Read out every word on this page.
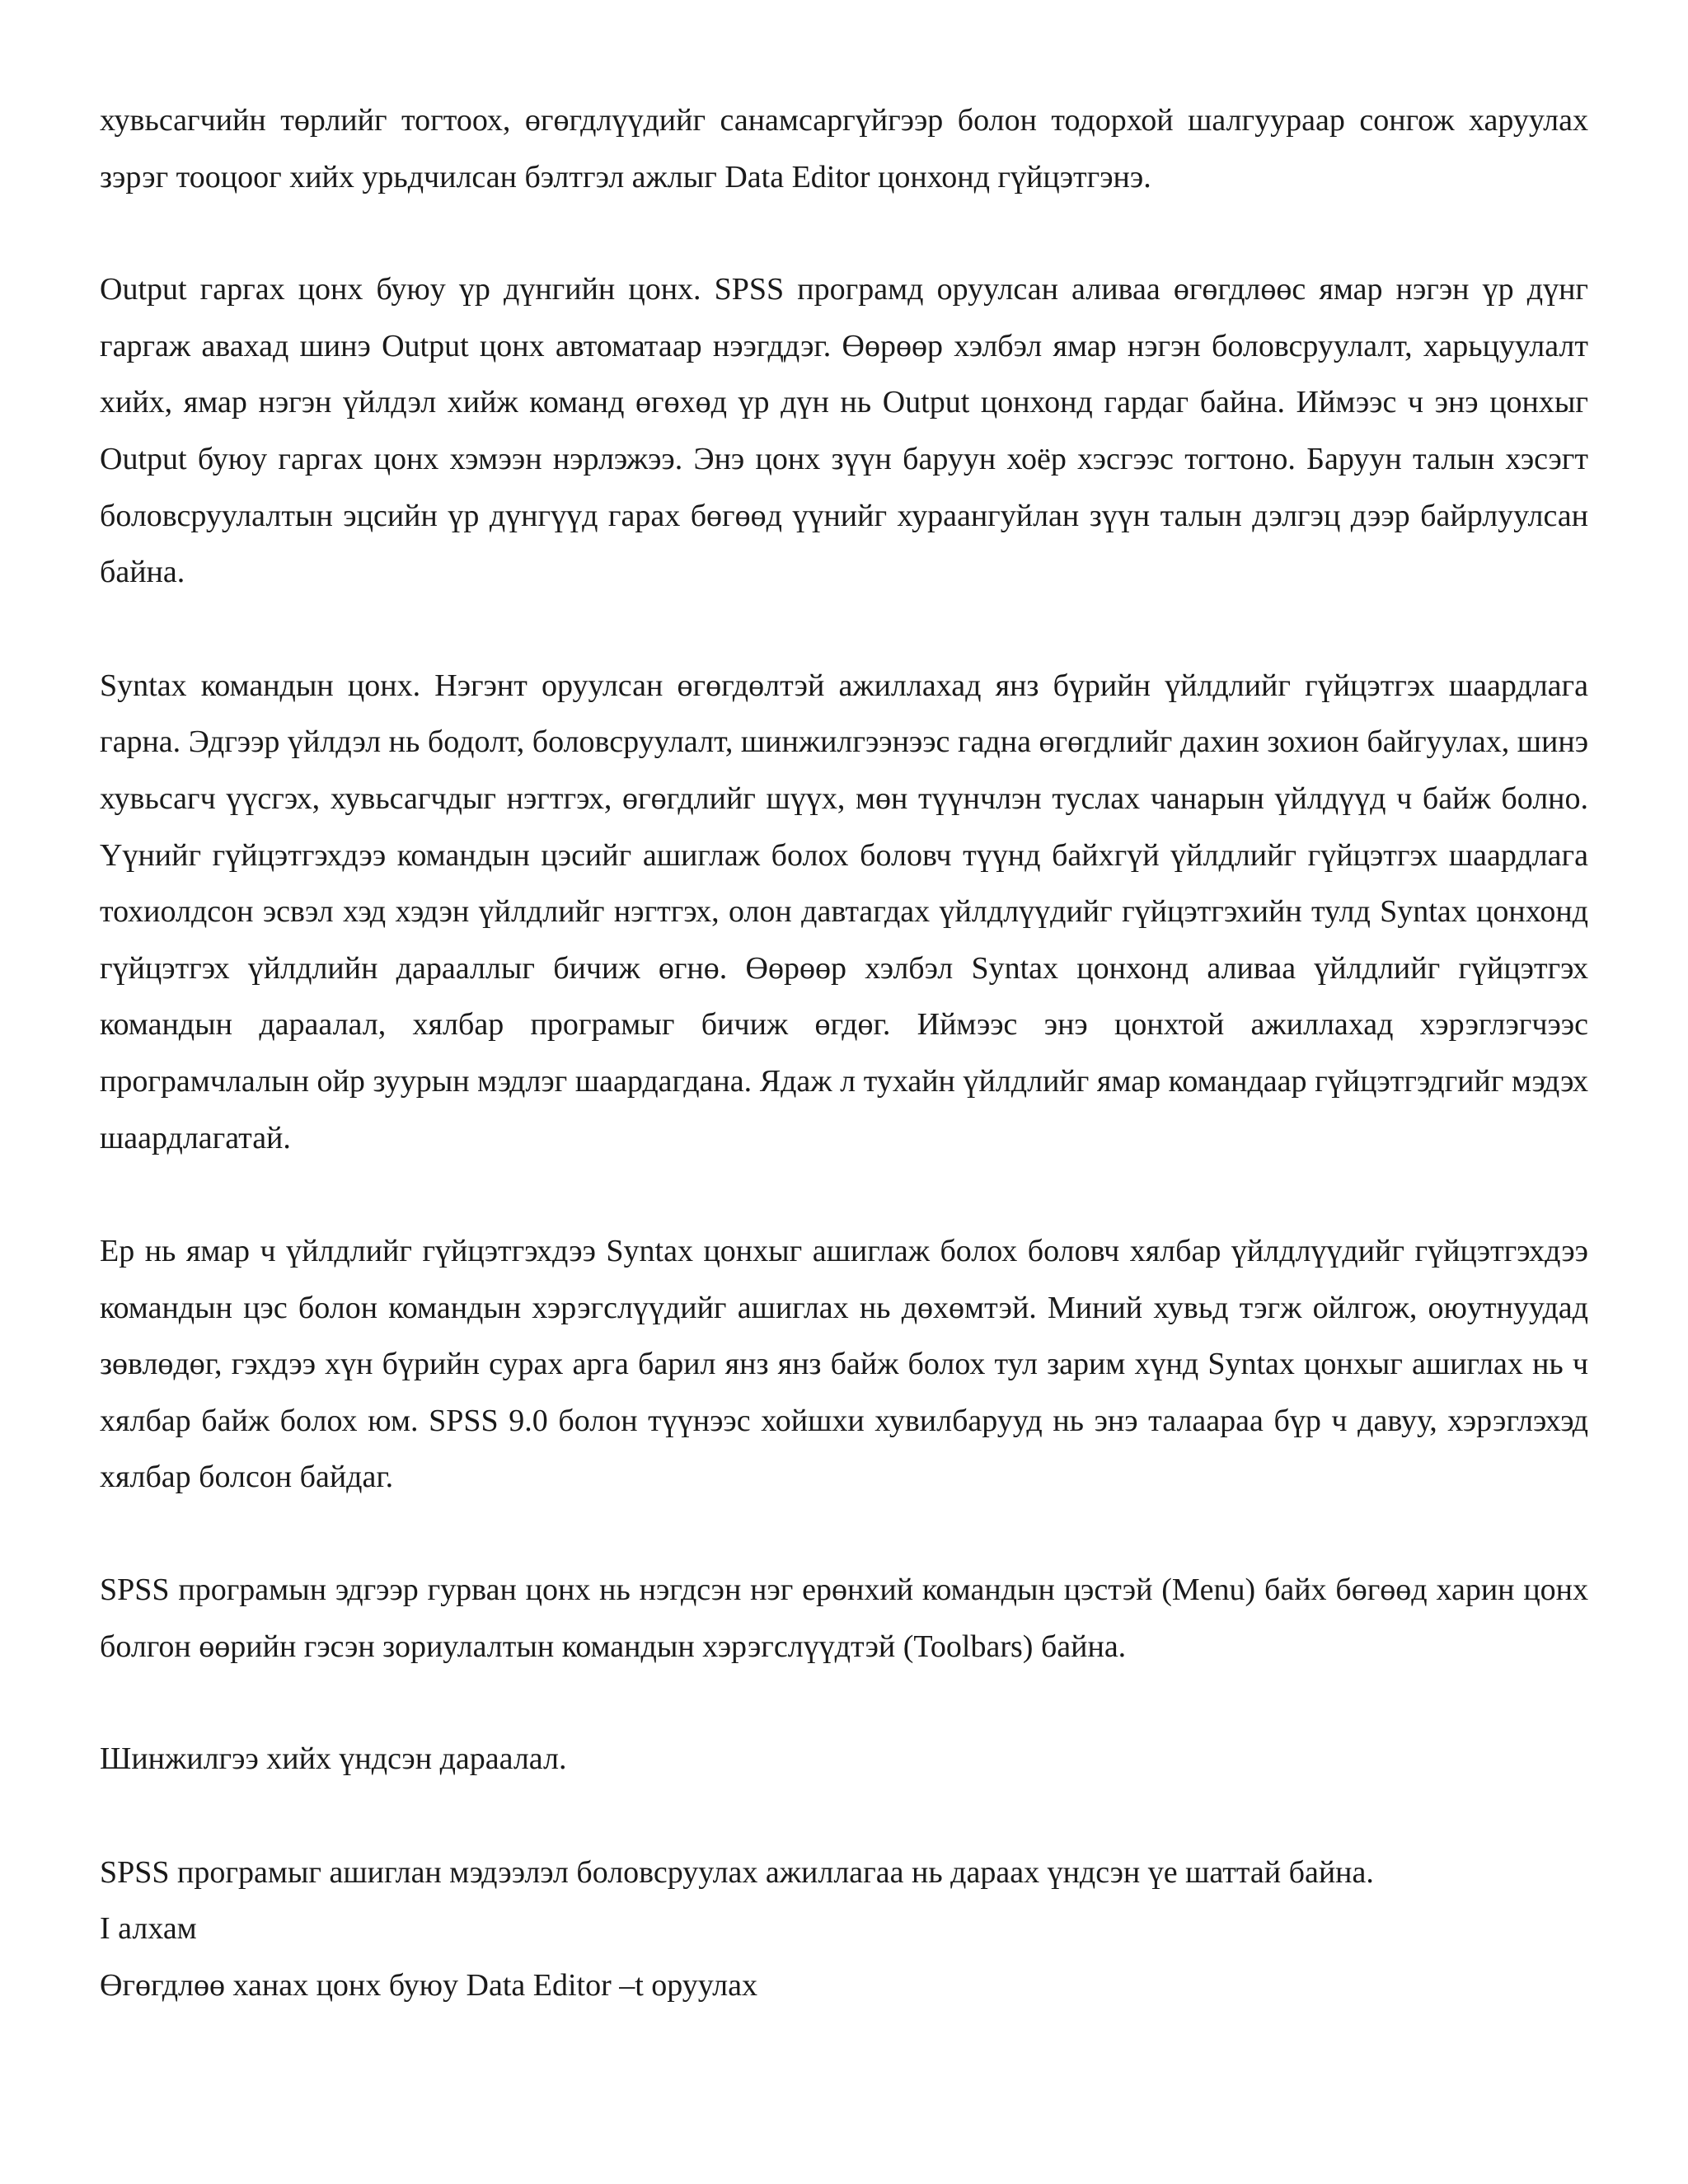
хувьсагчийн төрлийг тогтоох, өгөгдлүүдийг санамсаргүйгээр болон тодорхой шалгуураар сонгож харуулах зэрэг тооцоог хийх урьдчилсан бэлтгэл ажлыг Data Editor цонхонд гүйцэтгэнэ.

Output гаргах цонх буюу үр дүнгийн цонх. SPSS програмд оруулсан аливаа өгөгдлөөс ямар нэгэн үр дүнг гаргаж авахад шинэ Output цонх автоматаар нээгддэг. Өөрөөр хэлбэл ямар нэгэн боловсруулалт, харьцуулалт хийх, ямар нэгэн үйлдэл хийж команд өгөхөд үр дүн нь Output цонхонд гардаг байна. Иймээс ч энэ цонхыг Output буюу гаргах цонх хэмээн нэрлэжээ. Энэ цонх зүүн баруун хоёр хэсгээс тогтоно. Баруун талын хэсэгт боловсруулалтын эцсийн үр дүнгүүд гарах бөгөөд үүнийг хураангуйлан зүүн талын дэлгэц дээр байрлуулсан байна.

Syntax командын цонх. Нэгэнт оруулсан өгөгдөлтэй ажиллахад янз бүрийн үйлдлийг гүйцэтгэх шаардлага гарна. Эдгээр үйлдэл нь бодолт, боловсруулалт, шинжилгээнээс гадна өгөгдлийг дахин зохион байгуулах, шинэ хувьсагч үүсгэх, хувьсагчдыг нэгтгэх, өгөгдлийг шүүх, мөн түүнчлэн туслах чанарын үйлдүүд ч байж болно. Үүнийг гүйцэтгэхдээ командын цэсийг ашиглаж болох боловч түүнд байхгүй үйлдлийг гүйцэтгэх шаардлага тохиолдсон эсвэл хэд хэдэн үйлдлийг нэгтгэх, олон давтагдах үйлдлүүдийг гүйцэтгэхийн тулд Syntax цонхонд гүйцэтгэх үйлдлийн дарааллыг бичиж өгнө. Өөрөөр хэлбэл Syntax цонхонд аливаа үйлдлийг гүйцэтгэх командын дараалал, хялбар програмыг бичиж өгдөг. Иймээс энэ цонхтой ажиллахад хэрэглэгчээс програмчлалын ойр зуурын мэдлэг шаардагдана. Ядаж л тухайн үйлдлийг ямар командаар гүйцэтгэдгийг мэдэх шаардлагатай.

Ер нь ямар ч үйлдлийг гүйцэтгэхдээ Syntax цонхыг ашиглаж болох боловч хялбар үйлдлүүдийг гүйцэтгэхдээ командын цэс болон командын хэрэгслүүдийг ашиглах нь дөхөмтэй. Миний хувьд тэгж ойлгож, оюутнуудад зөвлөдөг, гэхдээ хүн бүрийн сурах арга барил янз янз байж болох тул зарим хүнд Syntax цонхыг ашиглах нь ч хялбар байж болох юм. SPSS 9.0 болон түүнээс хойшхи хувилбарууд нь энэ талаараа бүр ч давуу, хэрэглэхэд хялбар болсон байдаг.

SPSS програмын эдгээр гурван цонх нь нэгдсэн нэг ерөнхий командын цэстэй (Menu) байх бөгөөд харин цонх болгон өөрийн гэсэн зориулалтын командын хэрэгслүүдтэй (Toolbars) байна.

Шинжилгээ хийх үндсэн дараалал.

SPSS програмыг ашиглан мэдээлэл боловсруулах ажиллагаа нь дараах үндсэн үе шаттай байна.

I алхам

Өгөгдлөө ханах цонх буюу Data Editor –t оруулах
